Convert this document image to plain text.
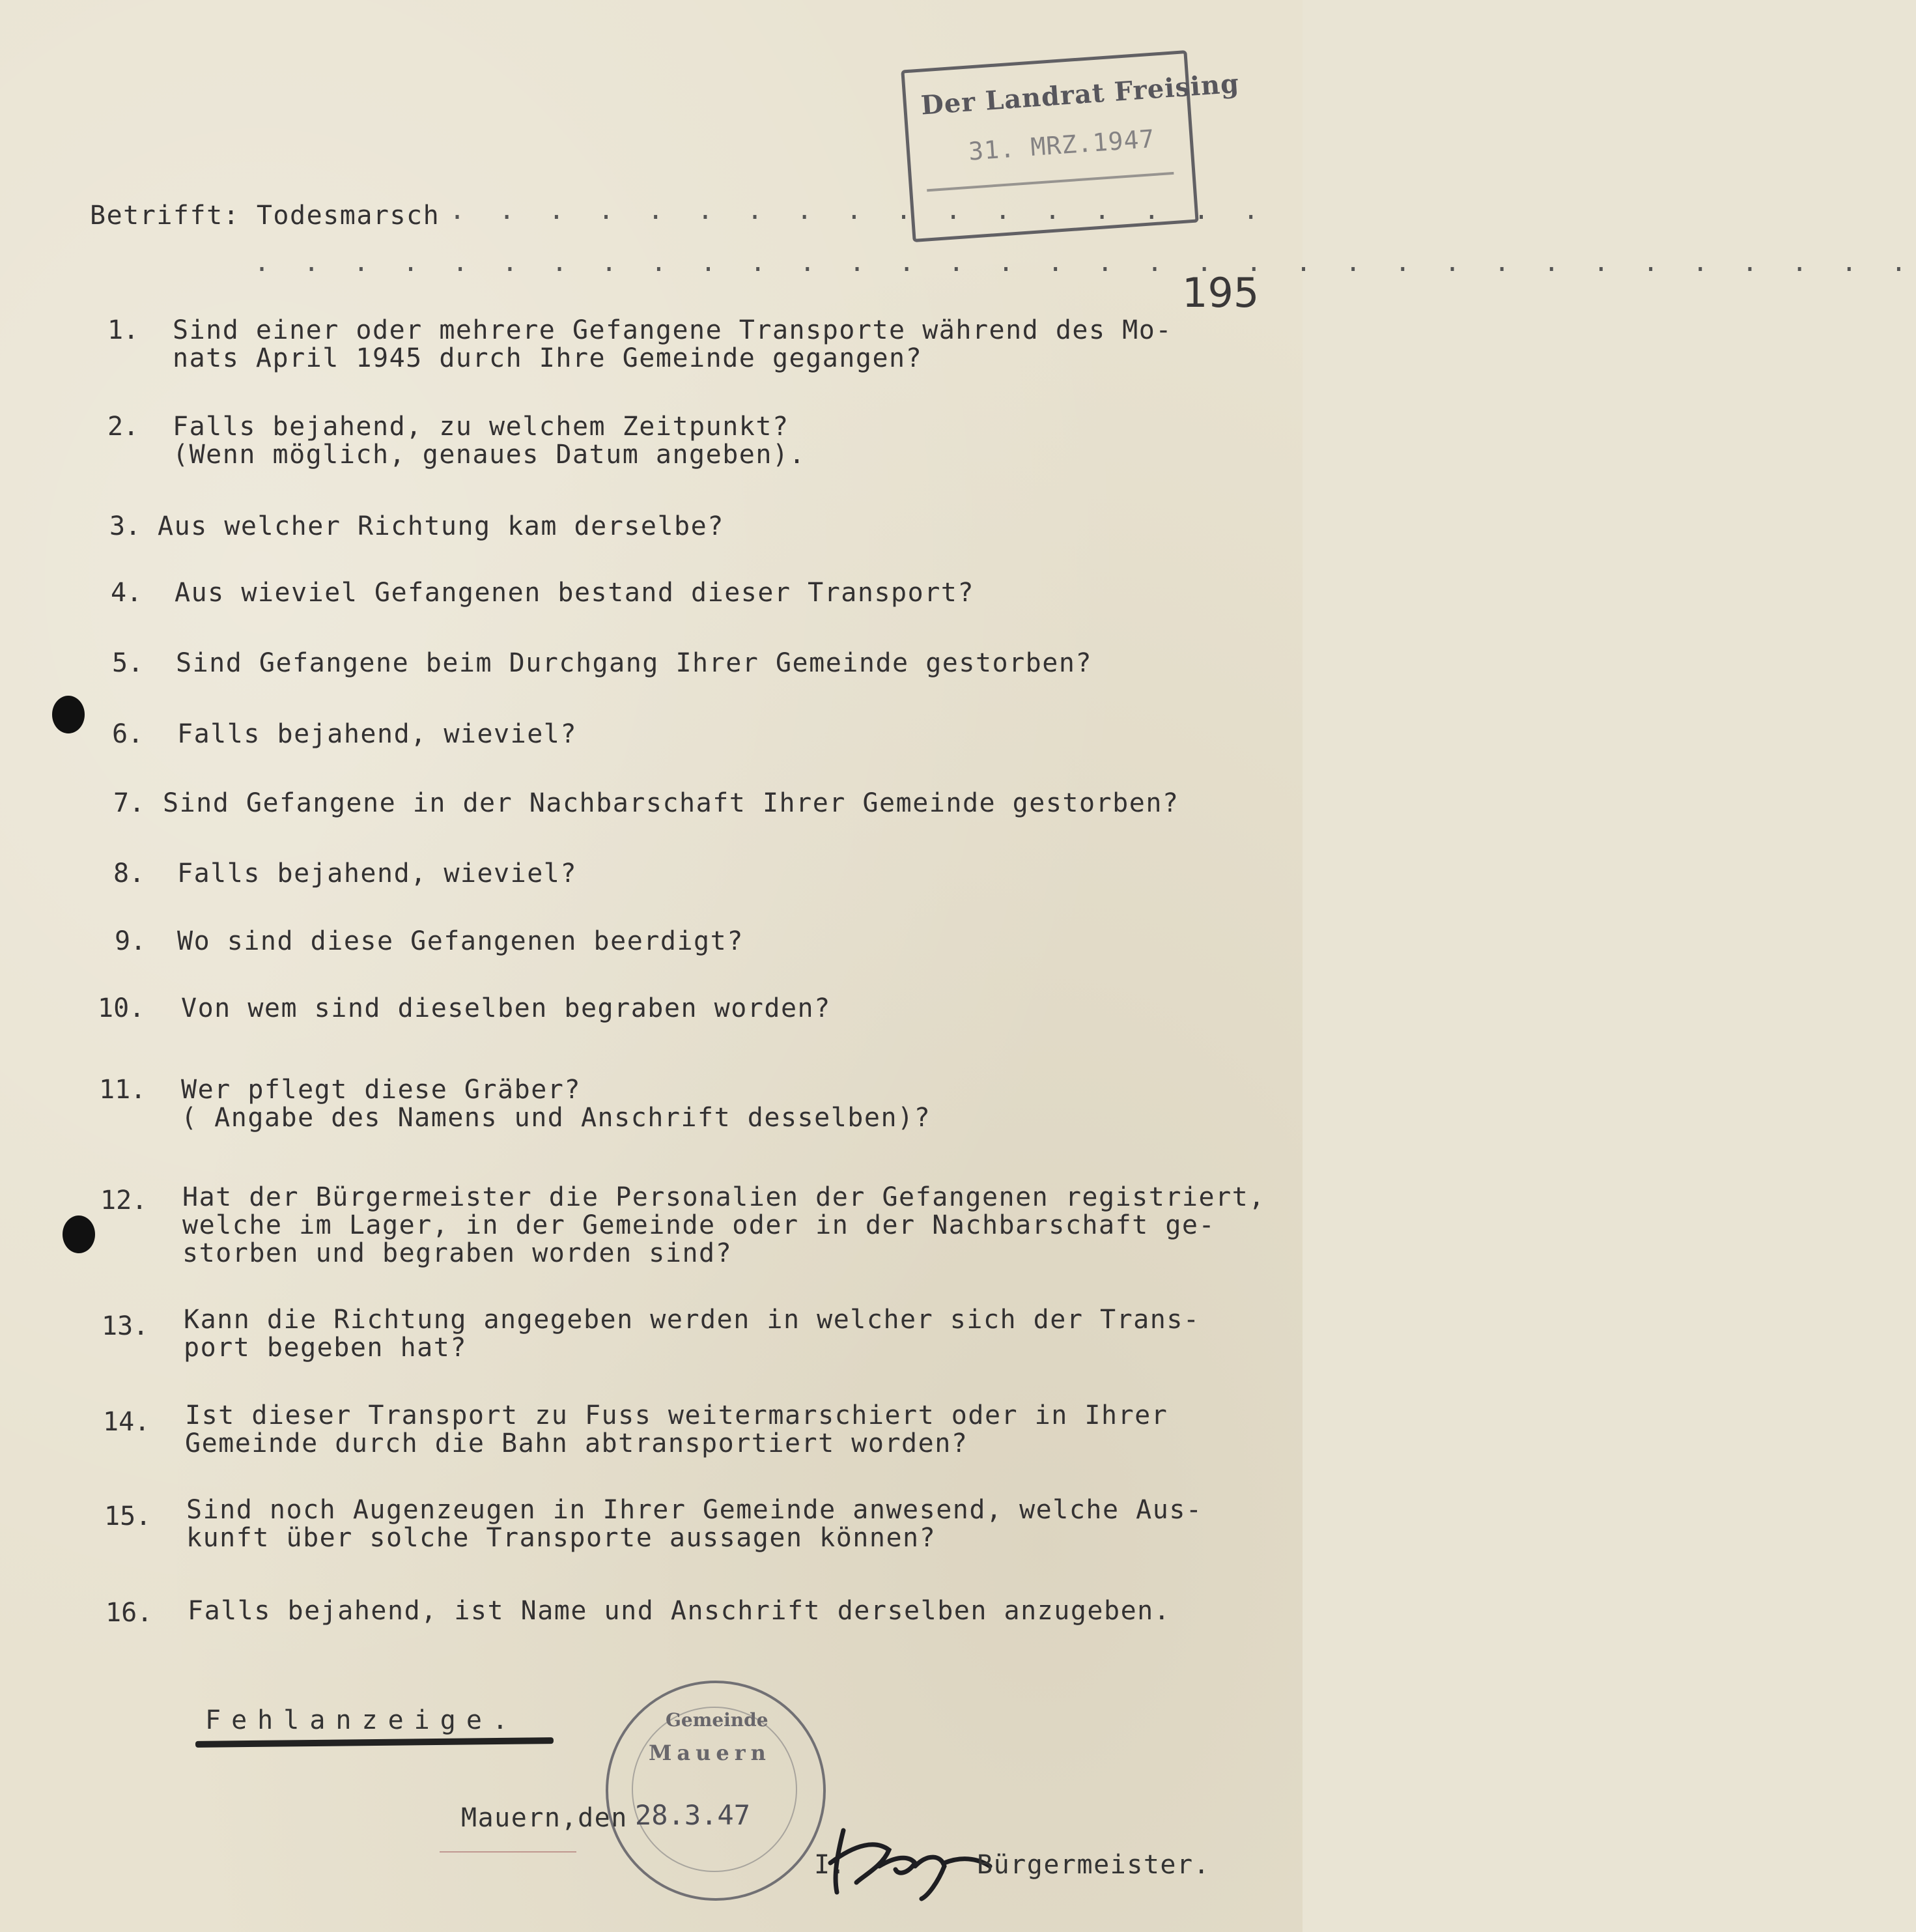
Betrifft: Todesmarsch . . . . . . . . . . . . . . . . .
. . . . . . . . . . . . . . . . . . . . . . . . . . . . . . . . . .
Der Landrat Freising
31. MRZ.1947
195
1. Sind einer oder mehrere Gefangene Transporte während des Mo-
nats April 1945 durch Ihre Gemeinde gegangen?
2. Falls bejahend, zu welchem Zeitpunkt?
(Wenn möglich, genaues Datum angeben).
3. Aus welcher Richtung kam derselbe?
4. Aus wieviel Gefangenen bestand dieser Transport?
5. Sind Gefangene beim Durchgang Ihrer Gemeinde gestorben?
6. Falls bejahend, wieviel?
7. Sind Gefangene in der Nachbarschaft Ihrer Gemeinde gestorben?
8. Falls bejahend, wieviel?
9. Wo sind diese Gefangenen beerdigt?
10. Von wem sind dieselben begraben worden?
11. Wer pflegt diese Gräber?
( Angabe des Namens und Anschrift desselben)?
12. Hat der Bürgermeister die Personalien der Gefangenen registriert,
welche im Lager, in der Gemeinde oder in der Nachbarschaft ge-
storben und begraben worden sind?
13. Kann die Richtung angegeben werden in welcher sich der Trans-
port begeben hat?
14. Ist dieser Transport zu Fuss weitermarschiert oder in Ihrer
Gemeinde durch die Bahn abtransportiert worden?
15. Sind noch Augenzeugen in Ihrer Gemeinde anwesend, welche Aus-
kunft über solche Transporte aussagen können?
16. Falls bejahend, ist Name und Anschrift derselben anzugeben.
Fehlanzeige.	Gemeinde
Mauern
Mauern,den 28.3.47
I.	Bürgermeister.
